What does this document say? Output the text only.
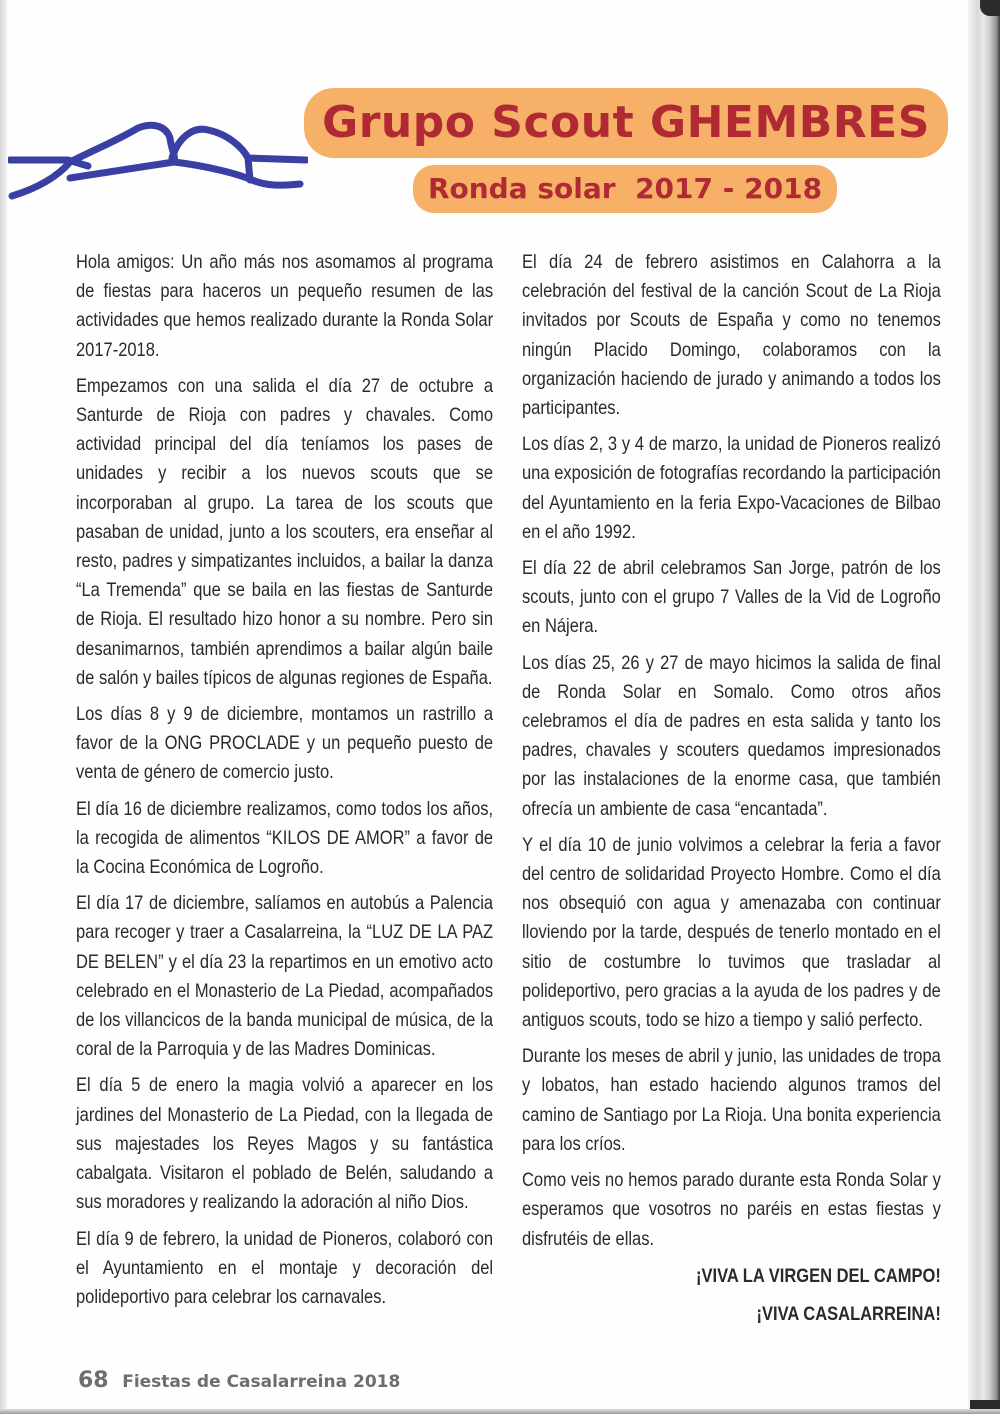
Grupo Scout GHEMBRES
Ronda solar  2017 - 2018

Hola amigos: Un año más nos asomamos al programa de fiestas para haceros un pequeño resumen de las actividades que hemos realizado durante la Ronda Solar 2017-2018.

Empezamos con una salida el día 27 de octubre a Santurde de Rioja con padres y chavales. Como actividad principal del día teníamos los pases de unidades y recibir a los nuevos scouts que se incorporaban al grupo. La tarea de los scouts que pasaban de unidad, junto a los scouters, era enseñar al resto, padres y simpatizantes incluidos, a bailar la danza “La Tremenda” que se baila en las fiestas de Santurde de Rioja. El resultado hizo honor a su nombre. Pero sin desanimarnos, también aprendimos a bailar algún baile de salón y bailes típicos de algunas regiones de España.

Los días 8 y 9 de diciembre, montamos un rastrillo a favor de la ONG PROCLADE y un pequeño puesto de venta de género de comercio justo.

El día 16 de diciembre realizamos, como todos los años, la recogida de alimentos “KILOS DE AMOR” a favor de la Cocina Económica de Logroño.

El día 17 de diciembre, salíamos en autobús a Palencia para recoger y traer a Casalarreina, la “LUZ DE LA PAZ DE BELEN” y el día 23 la repartimos en un emotivo acto celebrado en el Monasterio de La Piedad, acompañados de los villancicos de la banda municipal de música, de la coral de la Parroquia y de las Madres Dominicas.

El día 5 de enero la magia volvió a aparecer en los jardines del Monasterio de La Piedad, con la llegada de sus majestades los Reyes Magos y su fantástica cabalgata. Visitaron el poblado de Belén, saludando a sus moradores y realizando la adoración al niño Dios.

El día 9 de febrero, la unidad de Pioneros, colaboró con el Ayuntamiento en el montaje y decoración del polideportivo para celebrar los carnavales.

El día 24 de febrero asistimos en Calahorra a la celebración del festival de la canción Scout de La Rioja invitados por Scouts de España y como no tenemos ningún Placido Domingo, colaboramos con la organización haciendo de jurado y animando a todos los participantes.

Los días 2, 3 y 4 de marzo, la unidad de Pioneros realizó una exposición de fotografías recordando la participación del Ayuntamiento en la feria Expo-Vacaciones de Bilbao en el año 1992.

El día 22 de abril celebramos San Jorge, patrón de los scouts, junto con el grupo 7 Valles de la Vid de Logroño en Nájera.

Los días 25, 26 y 27 de mayo hicimos la salida de final de Ronda Solar en Somalo. Como otros años celebramos el día de padres en esta salida y tanto los padres, chavales y scouters quedamos impresionados por las instalaciones de la enorme casa, que también ofrecía un ambiente de casa “encantada”.

Y el día 10 de junio volvimos a celebrar la feria a favor del centro de solidaridad Proyecto Hombre. Como el día nos obsequió con agua y amenazaba con continuar lloviendo por la tarde, después de tenerlo montado en el sitio de costumbre lo tuvimos que trasladar al polideportivo, pero gracias a la ayuda de los padres y de antiguos scouts, todo se hizo a tiempo y salió perfecto.

Durante los meses de abril y junio, las unidades de tropa y lobatos, han estado haciendo algunos tramos del camino de Santiago por La Rioja. Una bonita experiencia para los críos.

Como veis no hemos parado durante esta Ronda Solar y esperamos que vosotros no paréis en estas fiestas y disfrutéis de ellas.

¡VIVA LA VIRGEN DEL CAMPO!

¡VIVA CASALARREINA!

68 Fiestas de Casalarreina 2018
